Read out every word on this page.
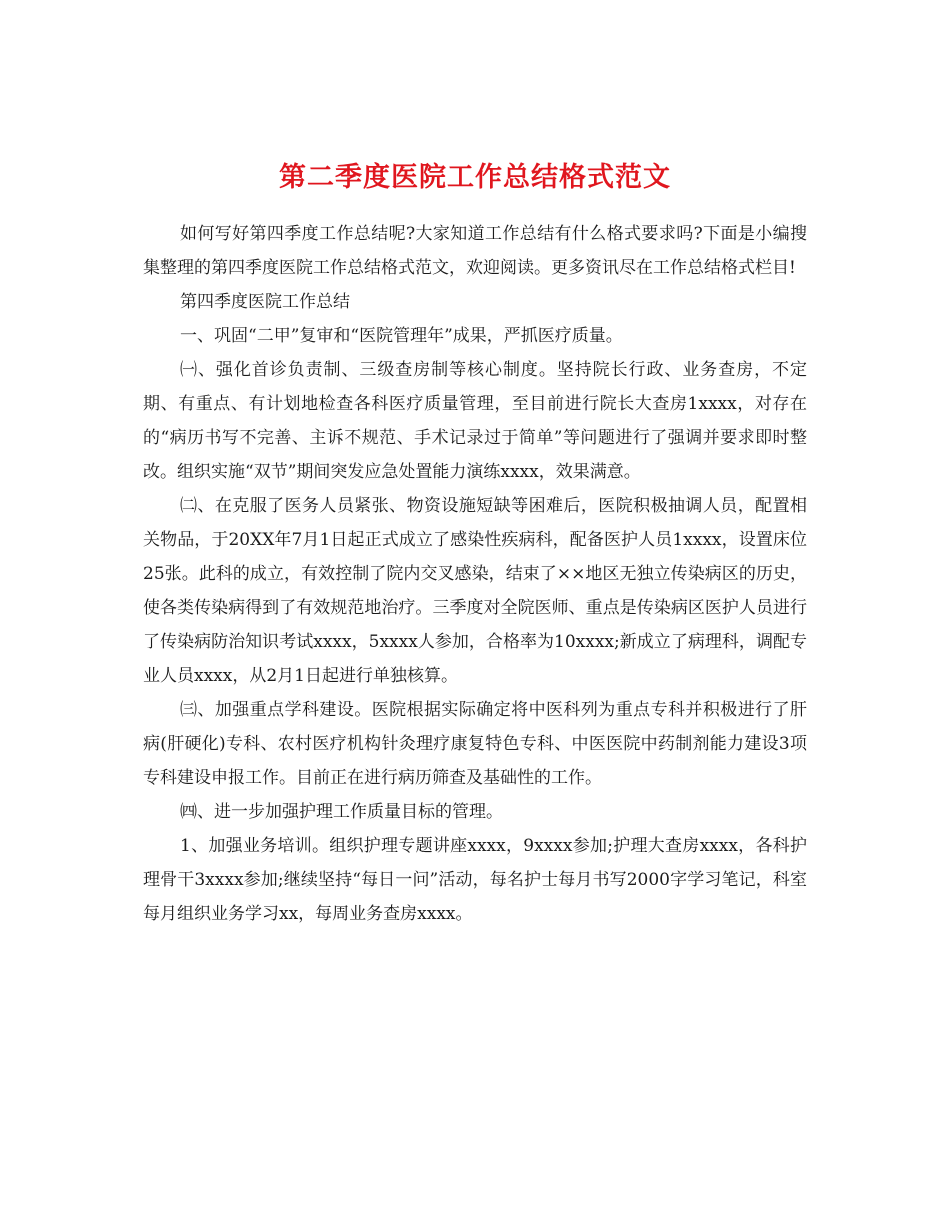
第二季度医院工作总结格式范文

如何写好第四季度工作总结呢?大家知道工作总结有什么格式要求吗?下面是小编搜集整理的第四季度医院工作总结格式范文，欢迎阅读。更多资讯尽在工作总结格式栏目!

第四季度医院工作总结

一、巩固“二甲”复审和“医院管理年”成果，严抓医疗质量。

㈠、强化首诊负责制、三级查房制等核心制度。坚持院长行政、业务查房，不定期、有重点、有计划地检查各科医疗质量管理，至目前进行院长大查房1xxxx，对存在的“病历书写不完善、主诉不规范、手术记录过于简单”等问题进行了强调并要求即时整改。组织实施“双节”期间突发应急处置能力演练xxxx，效果满意。

㈡、在克服了医务人员紧张、物资设施短缺等困难后，医院积极抽调人员，配置相关物品，于20XX年7月1日起正式成立了感染性疾病科，配备医护人员1xxxx，设置床位25张。此科的成立，有效控制了院内交叉感染，结束了××地区无独立传染病区的历史，使各类传染病得到了有效规范地治疗。三季度对全院医师、重点是传染病区医护人员进行了传染病防治知识考试xxxx，5xxxx人参加，合格率为10xxxx;新成立了病理科，调配专业人员xxxx，从2月1日起进行单独核算。

㈢、加强重点学科建设。医院根据实际确定将中医科列为重点专科并积极进行了肝病(肝硬化)专科、农村医疗机构针灸理疗康复特色专科、中医医院中药制剂能力建设3项专科建设申报工作。目前正在进行病历筛查及基础性的工作。

㈣、进一步加强护理工作质量目标的管理。

1、加强业务培训。组织护理专题讲座xxxx，9xxxx参加;护理大查房xxxx，各科护理骨干3xxxx参加;继续坚持“每日一问”活动，每名护士每月书写2000字学习笔记，科室每月组织业务学习xx，每周业务查房xxxx。
